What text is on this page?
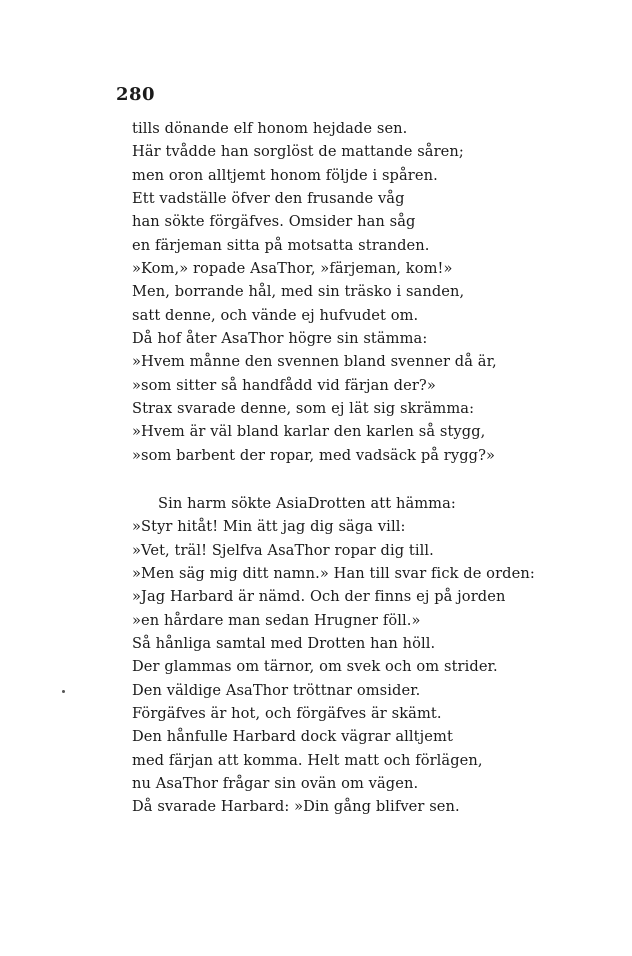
280
tills dönande elf honom hejdade sen.
Här tvådde han sorglöst de mattande såren;
men oron alltjemt honom följde i spåren.
Ett vadställe öfver den frusande våg
han sökte förgäfves. Omsider han såg
en färjeman sitta på motsatta stranden.
»Kom,» ropade AsaThor, »färjeman, kom!»
Men, borrande hål, med sin träsko i sanden,
satt denne, och vände ej hufvudet om.
Då hof åter AsaThor högre sin stämma:
»Hvem månne den svennen bland svenner då är,
»som sitter så handfådd vid färjan der?»
Strax svarade denne, som ej lät sig skrämma:
»Hvem är väl bland karlar den karlen så stygg,
»som barbent der ropar, med vadsäck på rygg?»
Sin harm sökte AsiaDrotten att hämma:
»Styr hitåt! Min ätt jag dig säga vill:
»Vet, träl! Sjelfva AsaThor ropar dig till.
»Men säg mig ditt namn.» Han till svar fick de orden:
»Jag Harbard är nämd. Och der finns ej på jorden
»en hårdare man sedan Hrugner föll.»
Så hånliga samtal med Drotten han höll.
Der glammas om tärnor, om svek och om strider.
Den väldige AsaThor tröttnar omsider.
Förgäfves är hot, och förgäfves är skämt.
Den hånfulle Harbard dock vägrar alltjemt
med färjan att komma. Helt matt och förlägen,
nu AsaThor frågar sin ovän om vägen.
Då svarade Harbard: »Din gång blifver sen.
